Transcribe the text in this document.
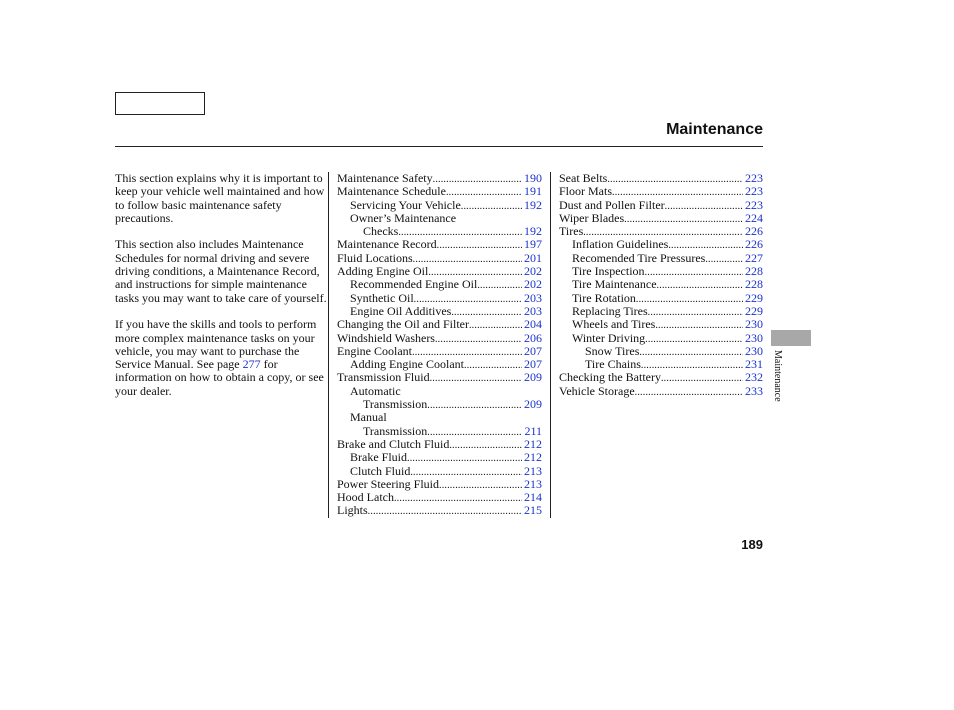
Maintenance

This section explains why it is important to keep your vehicle well maintained and how to follow basic maintenance safety precautions.

This section also includes Maintenance Schedules for normal driving and severe driving conditions, a Maintenance Record, and instructions for simple maintenance tasks you may want to take care of yourself.

If you have the skills and tools to perform more complex maintenance tasks on your vehicle, you may want to purchase the Service Manual. See page 277 for information on how to obtain a copy, or see your dealer.

Maintenance Safety .....	190
Maintenance Schedule .....	191
Servicing Your Vehicle .....	192
Owner’s Maintenance
Checks .....	192
Maintenance Record .....	197
Fluid Locations .....	201
Adding Engine Oil .....	202
Recommended Engine Oil .....	202
Synthetic Oil .....	203
Engine Oil Additives .....	203
Changing the Oil and Filter .....	204
Windshield Washers .....	206
Engine Coolant .....	207
Adding Engine Coolant .....	207
Transmission Fluid .....	209
Automatic
Transmission .....	209
Manual
Transmission .....	211
Brake and Clutch Fluid .....	212
Brake Fluid .....	212
Clutch Fluid .....	213
Power Steering Fluid .....	213
Hood Latch .....	214
Lights .....	215
Seat Belts .....	223
Floor Mats .....	223
Dust and Pollen Filter .....	223
Wiper Blades .....	224
Tires .....	226
Inflation Guidelines .....	226
Recomended Tire Pressures .....	227
Tire Inspection .....	228
Tire Maintenance .....	228
Tire Rotation .....	229
Replacing Tires .....	229
Wheels and Tires .....	230
Winter Driving .....	230
Snow Tires .....	230
Tire Chains .....	231
Checking the Battery .....	232
Vehicle Storage .....	233 Maintenance
189
